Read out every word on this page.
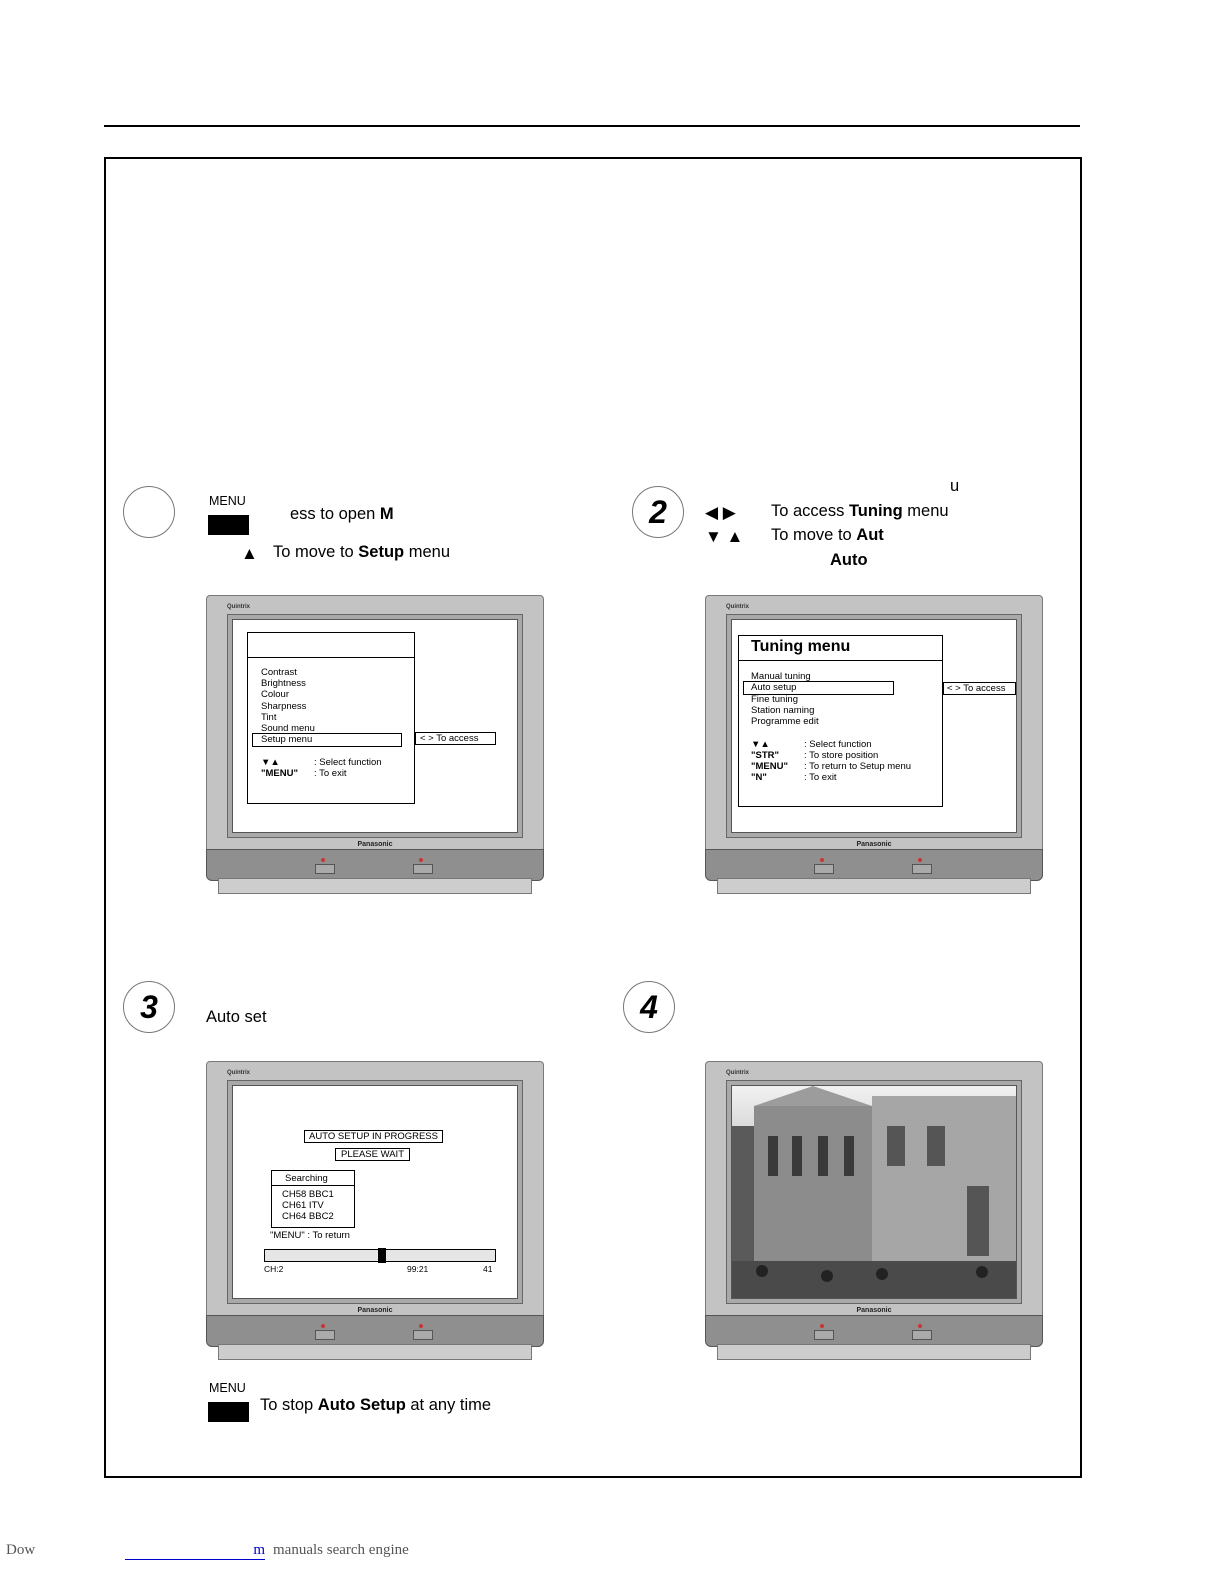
MENU
ess to open M
▲ To move to Setup menu
Quintrix
Contrast
Brightness
Colour
Sharpness
Tint
Sound menu
Setup menu
▼▲	: Select function
"MENU" : To exit
< > To access
Panasonic
2
u
◀ ▶ To access Tuning menu
▼ ▲ To move to Aut
Auto
Quintrix
Tuning menu
Manual tuning
Auto setup
Fine tuning
Station naming
Programme edit
▼▲	: Select function
"STR"	: To store position
"MENU" : To return to Setup menu
"N"	: To exit
< > To access
Panasonic
3	Auto set
Quintrix
AUTO SETUP IN PROGRESS
PLEASE WAIT
Searching
CH58 BBC1
CH61 ITV
CH64 BBC2
"MENU" : To return
CH:2	99:21	41
Panasonic
4
Quintrix
Panasonic
MENU
To stop Auto Setup at any time
Dow	m manuals search engine
